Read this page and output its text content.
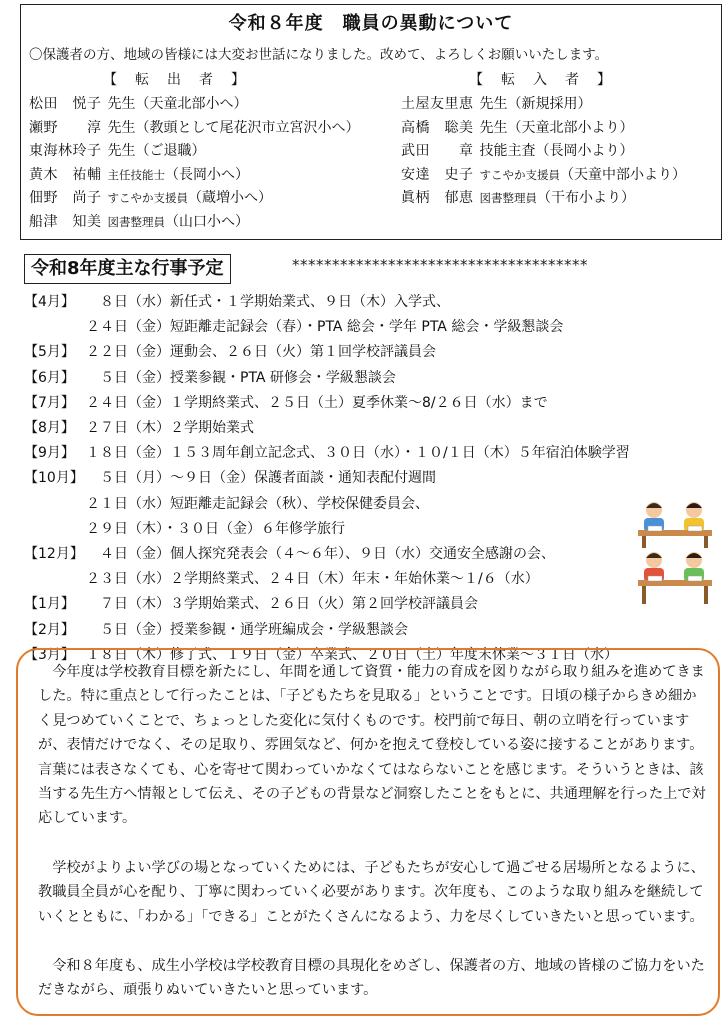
令和８年度　職員の異動について
〇保護者の方、地域の皆様には大変お世話になりました。改めて、よろしくお願いいたします。
【　転　出　者　】	【　転　入　者　】
松田　悦子 先生（天童北部小へ）
瀬野　　淳 先生（教頭として尾花沢市立宮沢小へ）
東海林玲子 先生（ご退職）
黄木　祐輔 主任技能士（長岡小へ）
佃野　尚子 すこやか支援員（蔵増小へ）
船津　知美 図書整理員（山口小へ）
土屋友里恵 先生（新規採用）
高橋　聡美 先生（天童北部小より）
武田　　章 技能主査（長岡小より）
安達　史子 すこやか支援員（天童中部小より）
眞柄　郁恵 図書整理員（干布小より）
令和8年度主な行事予定	*************************************
【4月】　８日（水）新任式・１学期始業式、９日（木）入学式、
２４日（金）短距離走記録会（春）・PTA 総会・学年 PTA 総会・学級懇談会
【5月】 ２２日（金）運動会、２６日（火）第１回学校評議員会
【6月】　５日（金）授業参観・PTA 研修会・学級懇談会
【7月】 ２４日（金）１学期終業式、２５日（土）夏季休業～8/２６日（水）まで
【8月】 ２７日（木）２学期始業式
【9月】 １８日（金）１５３周年創立記念式、３０日（水）・１０/１日（木）５年宿泊体験学習
【10月】　５日（月）～９日（金）保護者面談・通知表配付週間
２１日（水）短距離走記録会（秋）、学校保健委員会、
２９日（木）・３０日（金）６年修学旅行
【12月】　４日（金）個人探究発表会（４～６年）、９日（水）交通安全感謝の会、
２３日（水）２学期終業式、２４日（木）年末・年始休業～１/６（水）
【1月】　７日（木）３学期始業式、２６日（火）第２回学校評議員会
【2月】　５日（金）授業参観・通学班編成会・学級懇談会
【3月】 １８日（木）修了式、１９日（金）卒業式、２０日（土）年度末休業～３１日（水）

今年度は学校教育目標を新たにし、年間を通して資質・能力の育成を図りながら取り組みを進めてきました。特に重点として行ったことは、「子どもたちを見取る」ということです。日頃の様子からきめ細かく見つめていくことで、ちょっとした変化に気付くものです。校門前で毎日、朝の立哨を行っていますが、表情だけでなく、その足取り、雰囲気など、何かを抱えて登校している姿に接することがあります。言葉には表さなくても、心を寄せて関わっていかなくてはならないことを感じます。そういうときは、該当する先生方へ情報として伝え、その子どもの背景など洞察したことをもとに、共通理解を行った上で対応しています。

学校がよりよい学びの場となっていくためには、子どもたちが安心して過ごせる居場所となるように、教職員全員が心を配り、丁寧に関わっていく必要があります。次年度も、このような取り組みを継続していくとともに、「わかる」「できる」ことがたくさんになるよう、力を尽くしていきたいと思っています。

令和８年度も、成生小学校は学校教育目標の具現化をめざし、保護者の方、地域の皆様のご協力をいただきながら、頑張りぬいていきたいと思っています。
